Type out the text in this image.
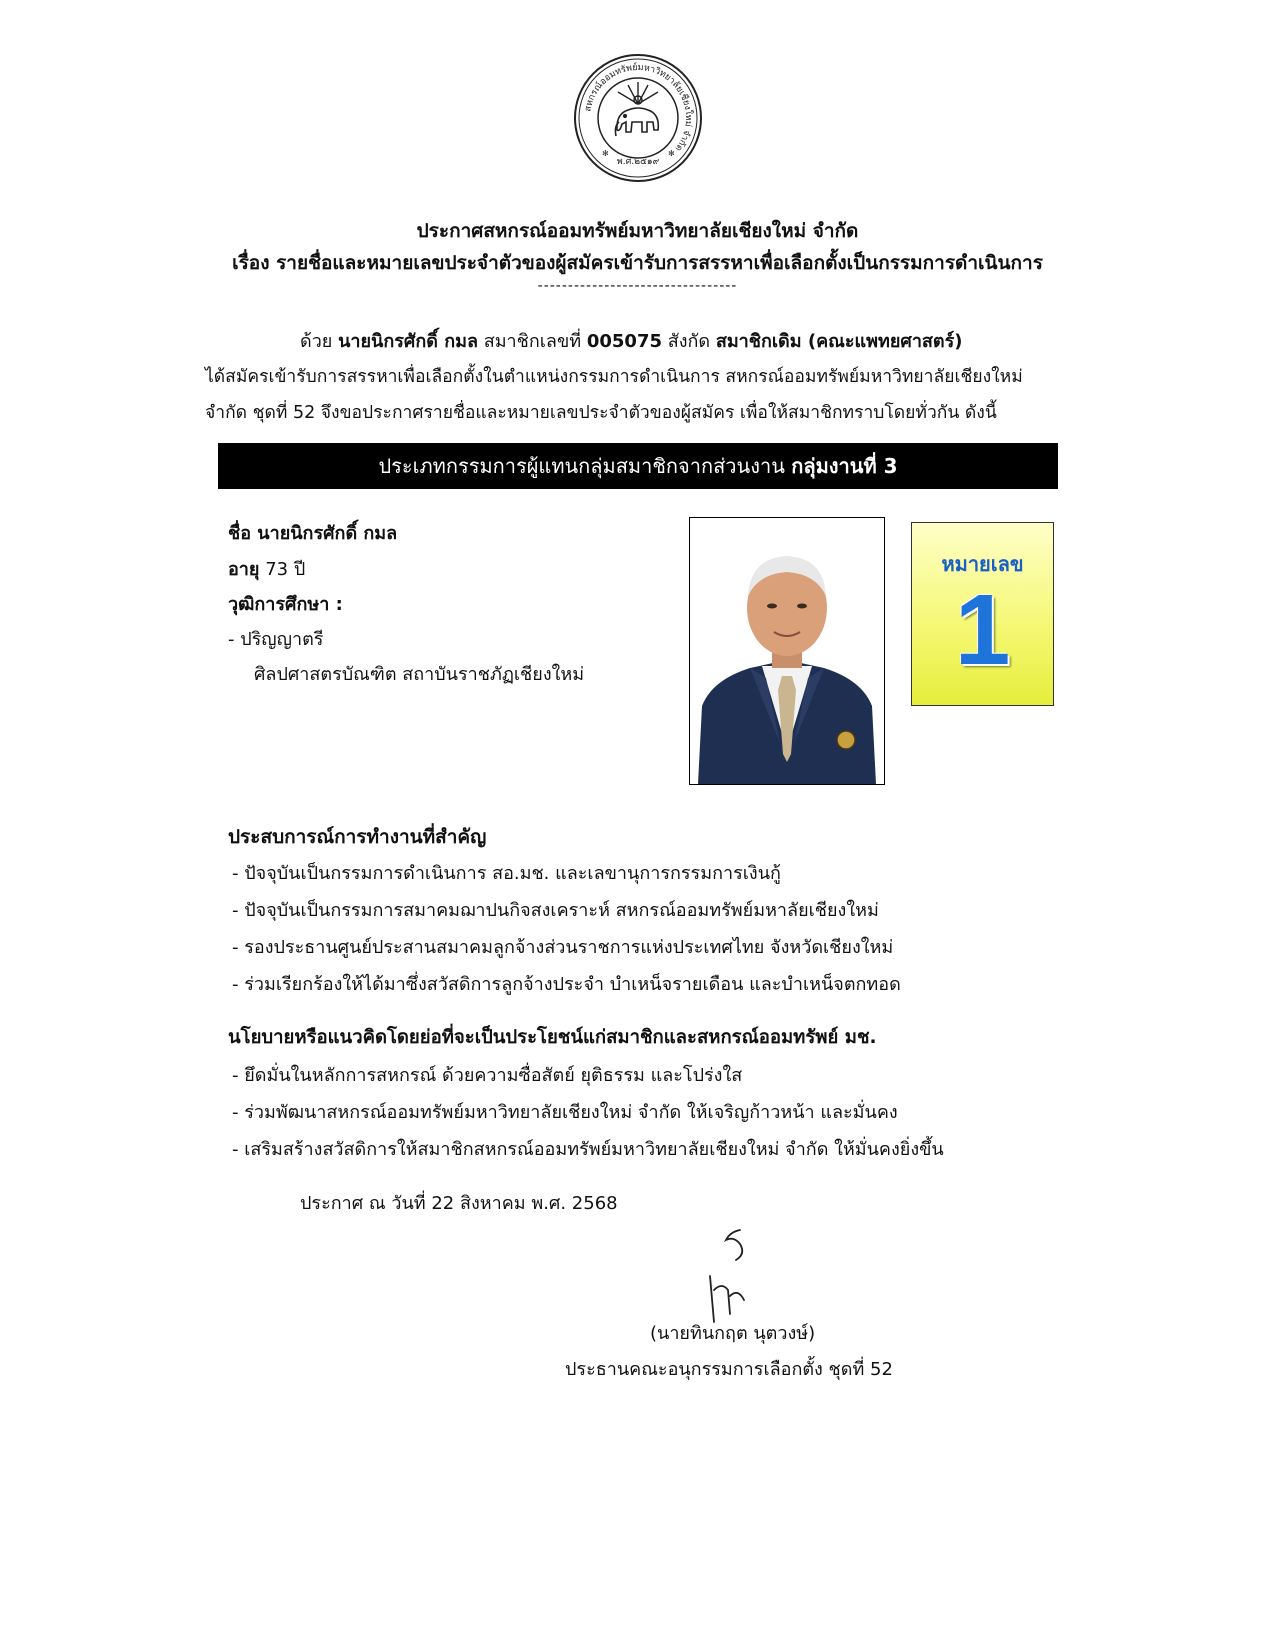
สหกรณ์ออมทรัพย์มหาวิทยาลัยเชียงใหม่ จำกัด
พ.ศ.๒๕๑๙
✻	✻
ประกาศสหกรณ์ออมทรัพย์มหาวิทยาลัยเชียงใหม่ จำกัด
เรื่อง รายชื่อและหมายเลขประจำตัวของผู้สมัครเข้ารับการสรรหาเพื่อเลือกตั้งเป็นกรรมการดำเนินการ
---------------------------------
ด้วย นายนิกรศักดิ์ กมล สมาชิกเลขที่ 005075 สังกัด สมาชิกเดิม (คณะแพทยศาสตร์)
ได้สมัครเข้ารับการสรรหาเพื่อเลือกตั้งในตำแหน่งกรรมการดำเนินการ สหกรณ์ออมทรัพย์มหาวิทยาลัยเชียงใหม่
จำกัด ชุดที่ 52 จึงขอประกาศรายชื่อและหมายเลขประจำตัวของผู้สมัคร เพื่อให้สมาชิกทราบโดยทั่วกัน ดังนี้
ประเภทกรรมการผู้แทนกลุ่มสมาชิกจากส่วนงาน กลุ่มงานที่ 3
ชื่อ นายนิกรศักดิ์ กมล
อายุ 73 ปี
วุฒิการศึกษา :
- ปริญญาตรี
ศิลปศาสตรบัณฑิต สถาบันราชภัฏเชียงใหม่
หมายเลข
1
ประสบการณ์การทำงานที่สำคัญ
- ปัจจุบันเป็นกรรมการดำเนินการ สอ.มช. และเลขานุการกรรมการเงินกู้
- ปัจจุบันเป็นกรรมการสมาคมฌาปนกิจสงเคราะห์ สหกรณ์ออมทรัพย์มหาลัยเชียงใหม่
- รองประธานศูนย์ประสานสมาคมลูกจ้างส่วนราชการแห่งประเทศไทย จังหวัดเชียงใหม่
- ร่วมเรียกร้องให้ได้มาซึ่งสวัสดิการลูกจ้างประจำ บำเหน็จรายเดือน และบำเหน็จตกทอด
นโยบายหรือแนวคิดโดยย่อที่จะเป็นประโยชน์แก่สมาชิกและสหกรณ์ออมทรัพย์ มช.
- ยึดมั่นในหลักการสหกรณ์ ด้วยความซื่อสัตย์ ยุติธรรม และโปร่งใส
- ร่วมพัฒนาสหกรณ์ออมทรัพย์มหาวิทยาลัยเชียงใหม่ จำกัด ให้เจริญก้าวหน้า และมั่นคง
- เสริมสร้างสวัสดิการให้สมาชิกสหกรณ์ออมทรัพย์มหาวิทยาลัยเชียงใหม่ จำกัด ให้มั่นคงยิ่งขึ้น
ประกาศ ณ วันที่ 22 สิงหาคม พ.ศ. 2568
(นายทินกฤต นุตวงษ์)
ประธานคณะอนุกรรมการเลือกตั้ง ชุดที่ 52
